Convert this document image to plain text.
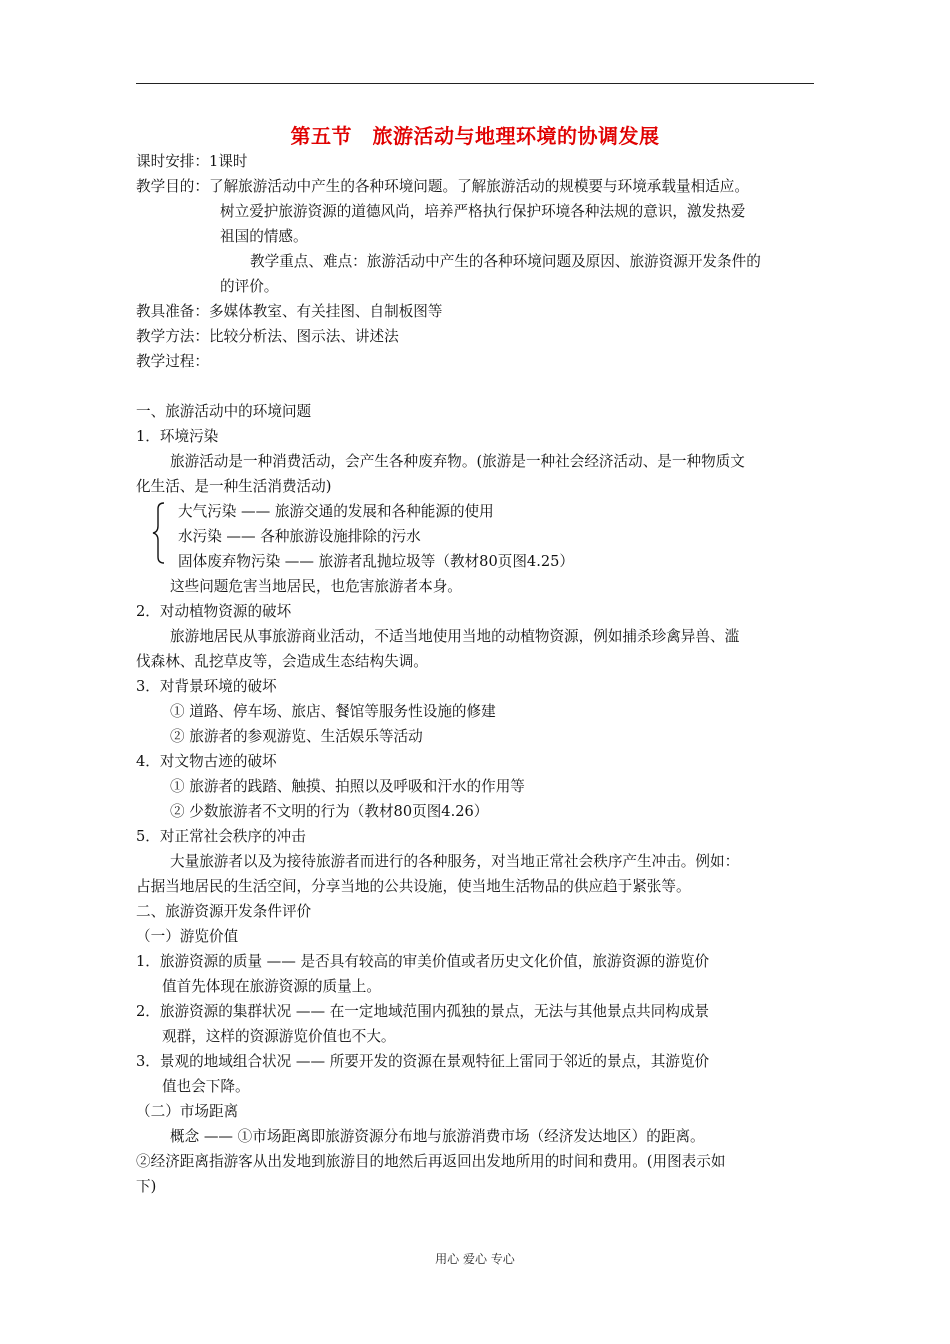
第五节　旅游活动与地理环境的协调发展
课时安排：1课时
教学目的：了解旅游活动中产生的各种环境问题。了解旅游活动的规模要与环境承载量相适应。
树立爱护旅游资源的道德风尚，培养严格执行保护环境各种法规的意识，激发热爱
祖国的情感。
教学重点、难点：旅游活动中产生的各种环境问题及原因、旅游资源开发条件的
的评价。
教具准备：多媒体教室、有关挂图、自制板图等
教学方法：比较分析法、图示法、讲述法
教学过程：
一、旅游活动中的环境问题
1．环境污染
旅游活动是一种消费活动，会产生各种废弃物。(旅游是一种社会经济活动、是一种物质文
化生活、是一种生活消费活动)
大气污染 —— 旅游交通的发展和各种能源的使用
水污染 —— 各种旅游设施排除的污水
固体废弃物污染 —— 旅游者乱抛垃圾等（教材80页图4.25）
这些问题危害当地居民，也危害旅游者本身。
2．对动植物资源的破坏
旅游地居民从事旅游商业活动，不适当地使用当地的动植物资源，例如捕杀珍禽异兽、滥
伐森林、乱挖草皮等，会造成生态结构失调。
3．对背景环境的破坏
① 道路、停车场、旅店、餐馆等服务性设施的修建
② 旅游者的参观游览、生活娱乐等活动
4．对文物古迹的破坏
① 旅游者的践踏、触摸、拍照以及呼吸和汗水的作用等
② 少数旅游者不文明的行为（教材80页图4.26）
5．对正常社会秩序的冲击
大量旅游者以及为接待旅游者而进行的各种服务，对当地正常社会秩序产生冲击。例如：
占据当地居民的生活空间，分享当地的公共设施，使当地生活物品的供应趋于紧张等。
二、旅游资源开发条件评价
（一）游览价值
1．旅游资源的质量 —— 是否具有较高的审美价值或者历史文化价值，旅游资源的游览价
值首先体现在旅游资源的质量上。
2．旅游资源的集群状况 —— 在一定地域范围内孤独的景点，无法与其他景点共同构成景
观群，这样的资源游览价值也不大。
3．景观的地域组合状况 —— 所要开发的资源在景观特征上雷同于邻近的景点，其游览价
值也会下降。
（二）市场距离
概念 —— ①市场距离即旅游资源分布地与旅游消费市场（经济发达地区）的距离。
②经济距离指游客从出发地到旅游目的地然后再返回出发地所用的时间和费用。(用图表示如
下)
用心 爱心 专心
